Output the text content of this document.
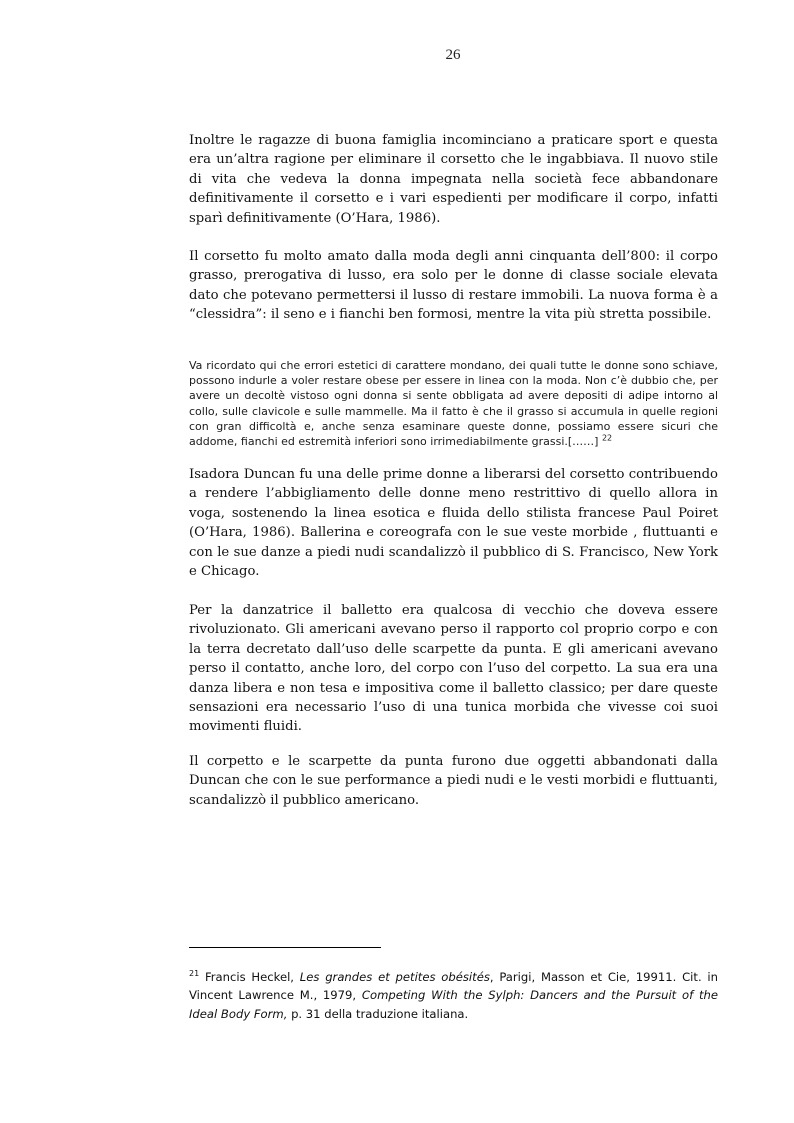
26

Inoltre le ragazze di buona famiglia incominciano a praticare sport e questa era un’altra ragione per eliminare il corsetto che le ingabbiava. Il nuovo stile di vita che vedeva la donna impegnata nella società fece abbandonare definitivamente il corsetto e i vari espedienti per modificare il corpo, infatti sparì definitivamente (O’Hara, 1986).

Il corsetto fu molto amato dalla moda degli anni cinquanta dell’800: il corpo grasso, prerogativa di lusso, era solo per le donne di classe sociale elevata dato che potevano permettersi il lusso di restare immobili. La nuova forma è a “clessidra”: il seno e i fianchi ben formosi, mentre la vita più stretta possibile.

Va ricordato qui che errori estetici di carattere mondano, dei quali tutte le donne sono schiave, possono indurle a voler restare obese per essere in linea con la moda. Non c’è dubbio che, per avere un decoltè vistoso ogni donna si sente obbligata ad avere depositi di adipe intorno al collo, sulle clavicole e sulle mammelle. Ma il fatto è che il grasso si accumula in quelle regioni con gran difficoltà e, anche senza esaminare queste donne, possiamo essere sicuri che addome, fianchi ed estremità inferiori sono irrimediabilmente grassi.[……] $^{22}$

Isadora Duncan fu una delle prime donne a liberarsi del corsetto contribuendo a rendere l’abbigliamento delle donne meno restrittivo di quello allora in voga, sostenendo la linea esotica e fluida dello stilista francese Paul Poiret (O’Hara, 1986). Ballerina e coreografa con le sue veste morbide , fluttuanti e con le sue danze a piedi nudi scandalizzò il pubblico di S. Francisco, New York e Chicago.

Per la danzatrice il balletto era qualcosa di vecchio che doveva essere rivoluzionato. Gli americani avevano perso il rapporto col proprio corpo e con la terra decretato dall’uso delle scarpette da punta. E gli americani avevano perso il contatto, anche loro, del corpo con l’uso del corpetto. La sua era una danza libera e non tesa e impositiva come il balletto classico; per dare queste sensazioni era necessario l’uso di una tunica morbida che vivesse coi suoi movimenti fluidi.

Il corpetto e le scarpette da punta furono due oggetti abbandonati dalla Duncan che con le sue performance a piedi nudi e le vesti morbidi e fluttuanti, scandalizzò il pubblico americano.

$^{21}$ Francis Heckel, Les grandes et petites obésités, Parigi, Masson et Cie, 19911. Cit. in Vincent Lawrence M., 1979, Competing With the Sylph: Dancers and the Pursuit of the Ideal Body Form, p. 31 della traduzione italiana.
